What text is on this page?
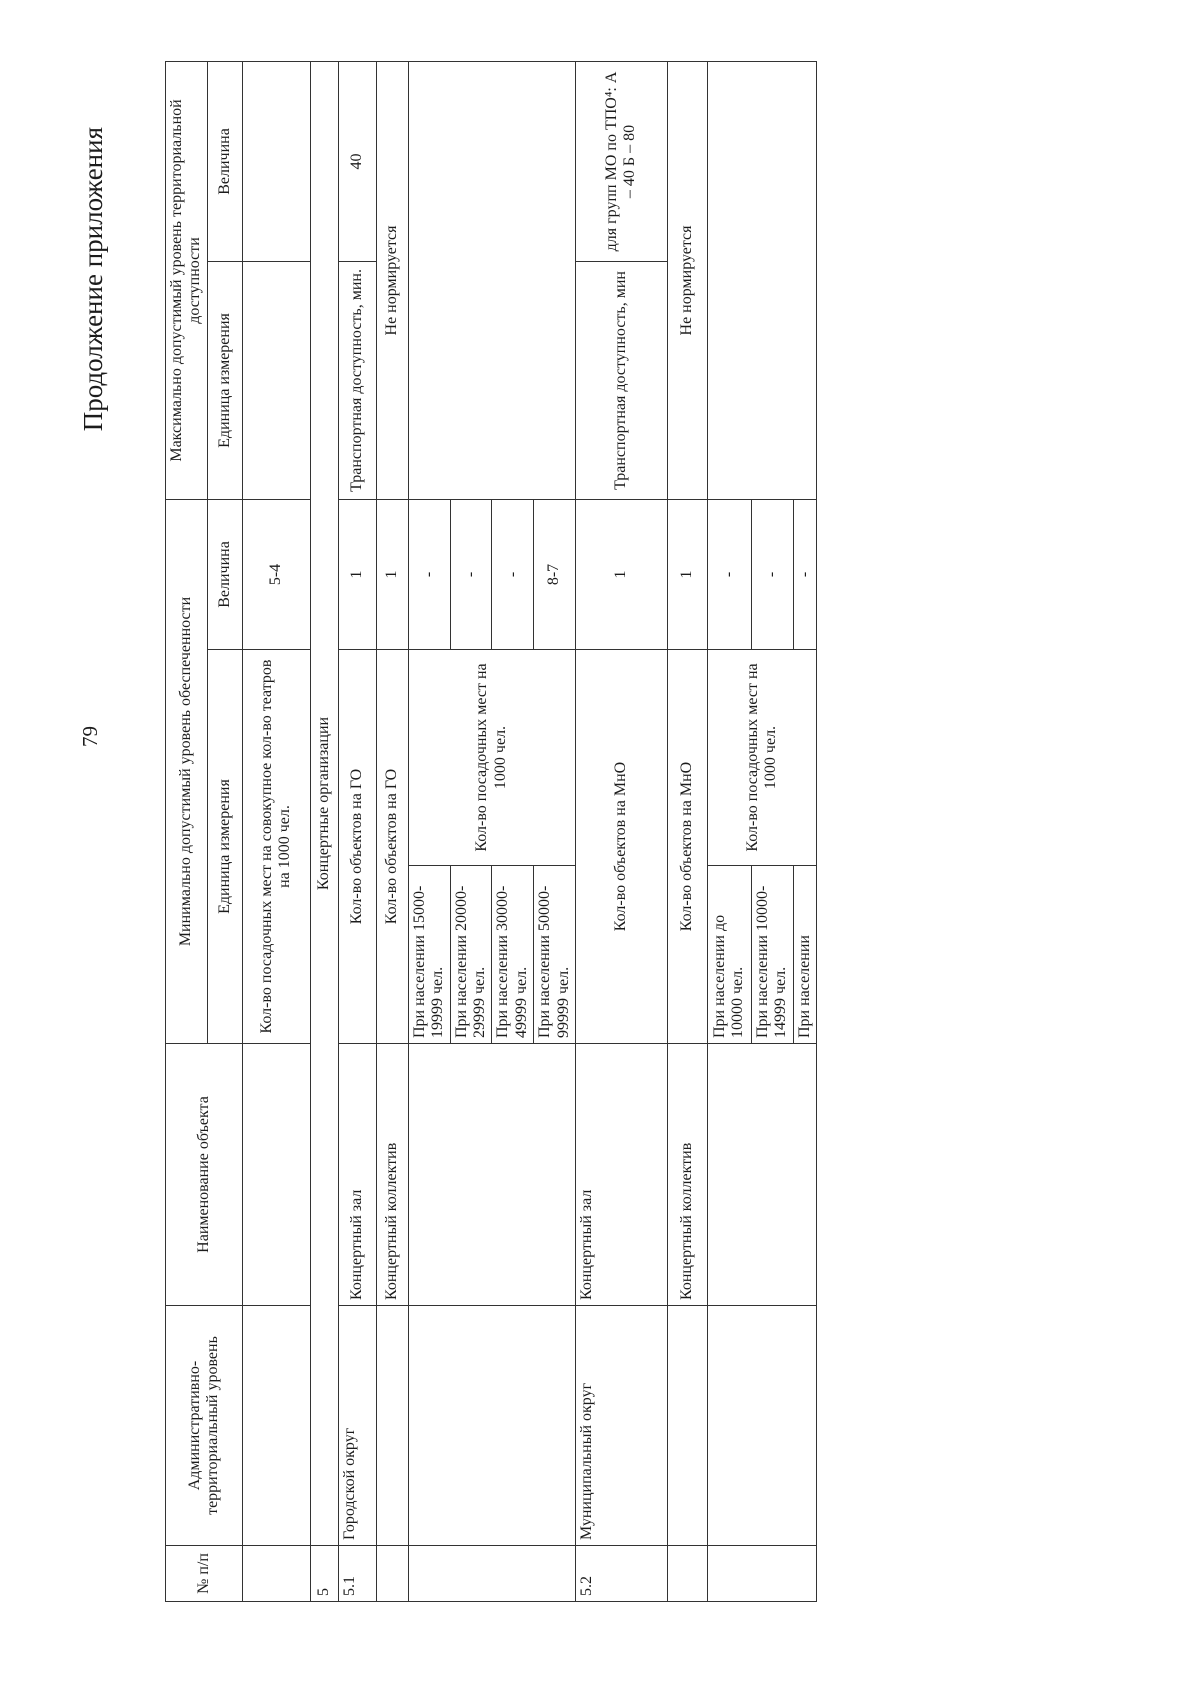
79
Продолжение приложения
№ п/п	Административно-территориальный уровень	Наименование объекта	Минимально допустимый уровень обеспеченности			Максимально допустимый уровень территориальной доступности	
			Единица измерения		Величина	Единица измерения	Величина
			Кол-во посадочных мест на совокупное кол-во театров на 1000 чел.		5-4		
5	Концертные организации						
5.1	Городской округ	Концертный зал	Кол-во объектов на ГО		1	Транспортная доступность, мин.	40
		Концертный коллектив	Кол-во объектов на ГО		1	Не нормируется	
			При населении 15000-19999 чел.	Кол-во посадочных мест на 1000 чел.	-		
			При населении 20000-29999 чел.		-		
			При населении 30000-49999 чел.		-		
			При населении 50000-99999 чел.		8-7		
5.2	Муниципальный округ	Концертный зал	Кол-во объектов на МнО		1	Транспортная доступность, мин	для групп МО по ТПО⁴: А – 40 Б – 80
		Концертный коллектив	Кол-во объектов на МнО		1	Не нормируется	
			При населении до 10000 чел.	Кол-во посадочных мест на 1000 чел.	-		
			При населении 10000-14999 чел.		-		
			При населении		-		
